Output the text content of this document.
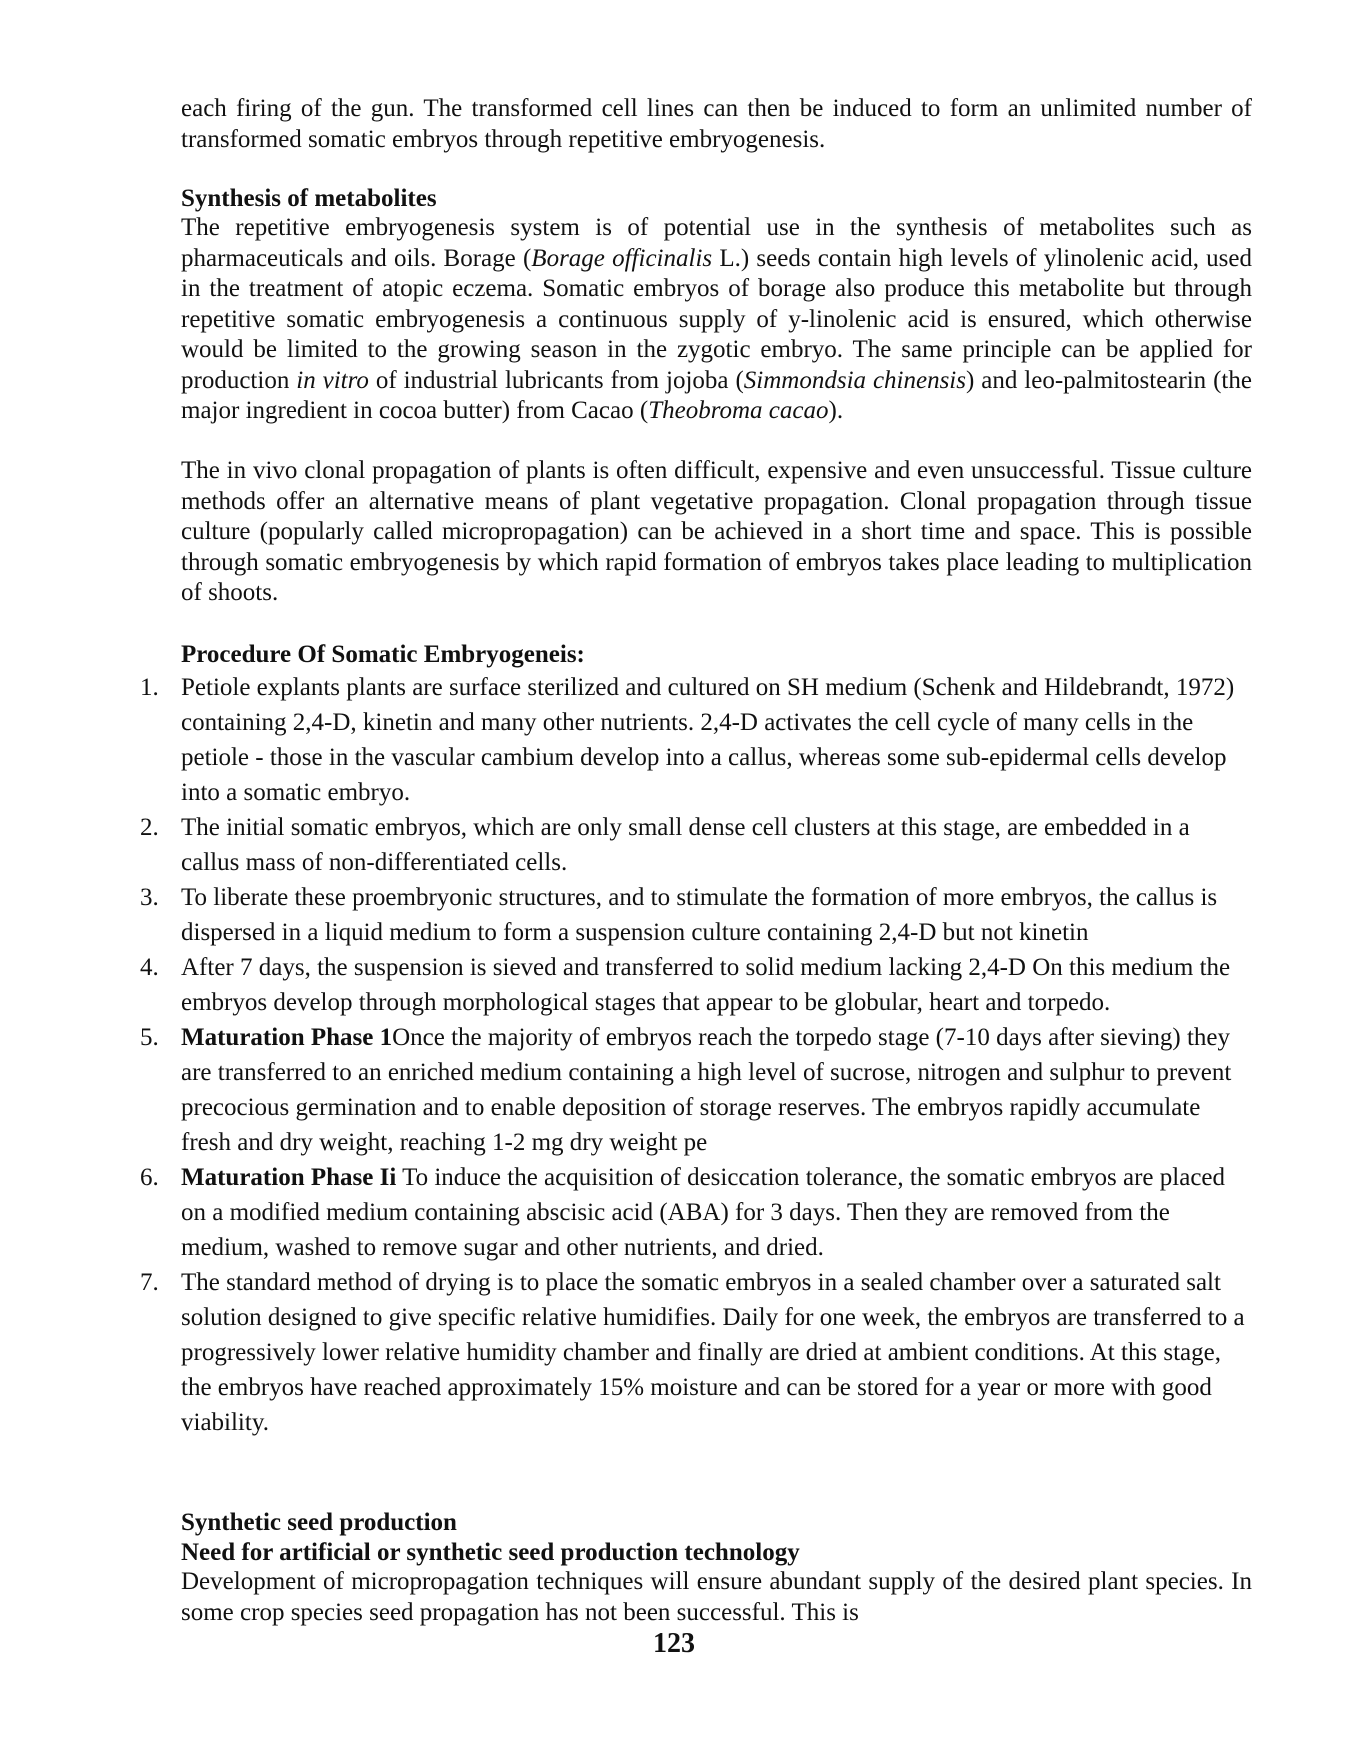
each firing of the gun. The transformed cell lines can then be induced to form an unlimited number of transformed somatic embryos through repetitive embryogenesis.

Synthesis of metabolites

The repetitive embryogenesis system is of potential use in the synthesis of metabolites such as pharmaceuticals and oils. Borage (Borage officinalis L.) seeds contain high levels of ylinolenic acid, used in the treatment of atopic eczema. Somatic embryos of borage also produce this metabolite but through repetitive somatic embryogenesis a continuous supply of y-linolenic acid is ensured, which otherwise would be limited to the growing season in the zygotic embryo. The same principle can be applied for production in vitro of industrial lubricants from jojoba (Simmondsia chinensis) and leo-palmitostearin (the major ingredient in cocoa butter) from Cacao (Theobroma cacao).

The in vivo clonal propagation of plants is often difficult, expensive and even unsuccessful. Tissue culture methods offer an alternative means of plant vegetative propagation. Clonal propagation through tissue culture (popularly called micropropagation) can be achieved in a short time and space. This is possible through somatic embryogenesis by which rapid formation of embryos takes place leading to multiplication of shoots.

Procedure Of Somatic Embryogeneis:
1. Petiole explants plants are surface sterilized and cultured on SH medium (Schenk and Hildebrandt, 1972) containing 2,4-D, kinetin and many other nutrients. 2,4-D activates the cell cycle of many cells in the petiole - those in the vascular cambium develop into a callus, whereas some sub-epidermal cells develop into a somatic embryo.
2. The initial somatic embryos, which are only small dense cell clusters at this stage, are embedded in a callus mass of non-differentiated cells.
3. To liberate these proembryonic structures, and to stimulate the formation of more embryos, the callus is dispersed in a liquid medium to form a suspension culture containing 2,4-D but not kinetin
4. After 7 days, the suspension is sieved and transferred to solid medium lacking 2,4-D On this medium the embryos develop through morphological stages that appear to be globular, heart and torpedo.
5. Maturation Phase 1Once the majority of embryos reach the torpedo stage (7-10 days after sieving) they are transferred to an enriched medium containing a high level of sucrose, nitrogen and sulphur to prevent precocious germination and to enable deposition of storage reserves. The embryos rapidly accumulate fresh and dry weight, reaching 1-2 mg dry weight pe
6. Maturation Phase Ii To induce the acquisition of desiccation tolerance, the somatic embryos are placed on a modified medium containing abscisic acid (ABA) for 3 days. Then they are removed from the medium, washed to remove sugar and other nutrients, and dried.
7. The standard method of drying is to place the somatic embryos in a sealed chamber over a saturated salt solution designed to give specific relative humidifies. Daily for one week, the embryos are transferred to a progressively lower relative humidity chamber and finally are dried at ambient conditions. At this stage, the embryos have reached approximately 15% moisture and can be stored for a year or more with good viability.
Synthetic seed production
Need for artificial or synthetic seed production technology

Development of micropropagation techniques will ensure abundant supply of the desired plant species. In some crop species seed propagation has not been successful. This is

123
